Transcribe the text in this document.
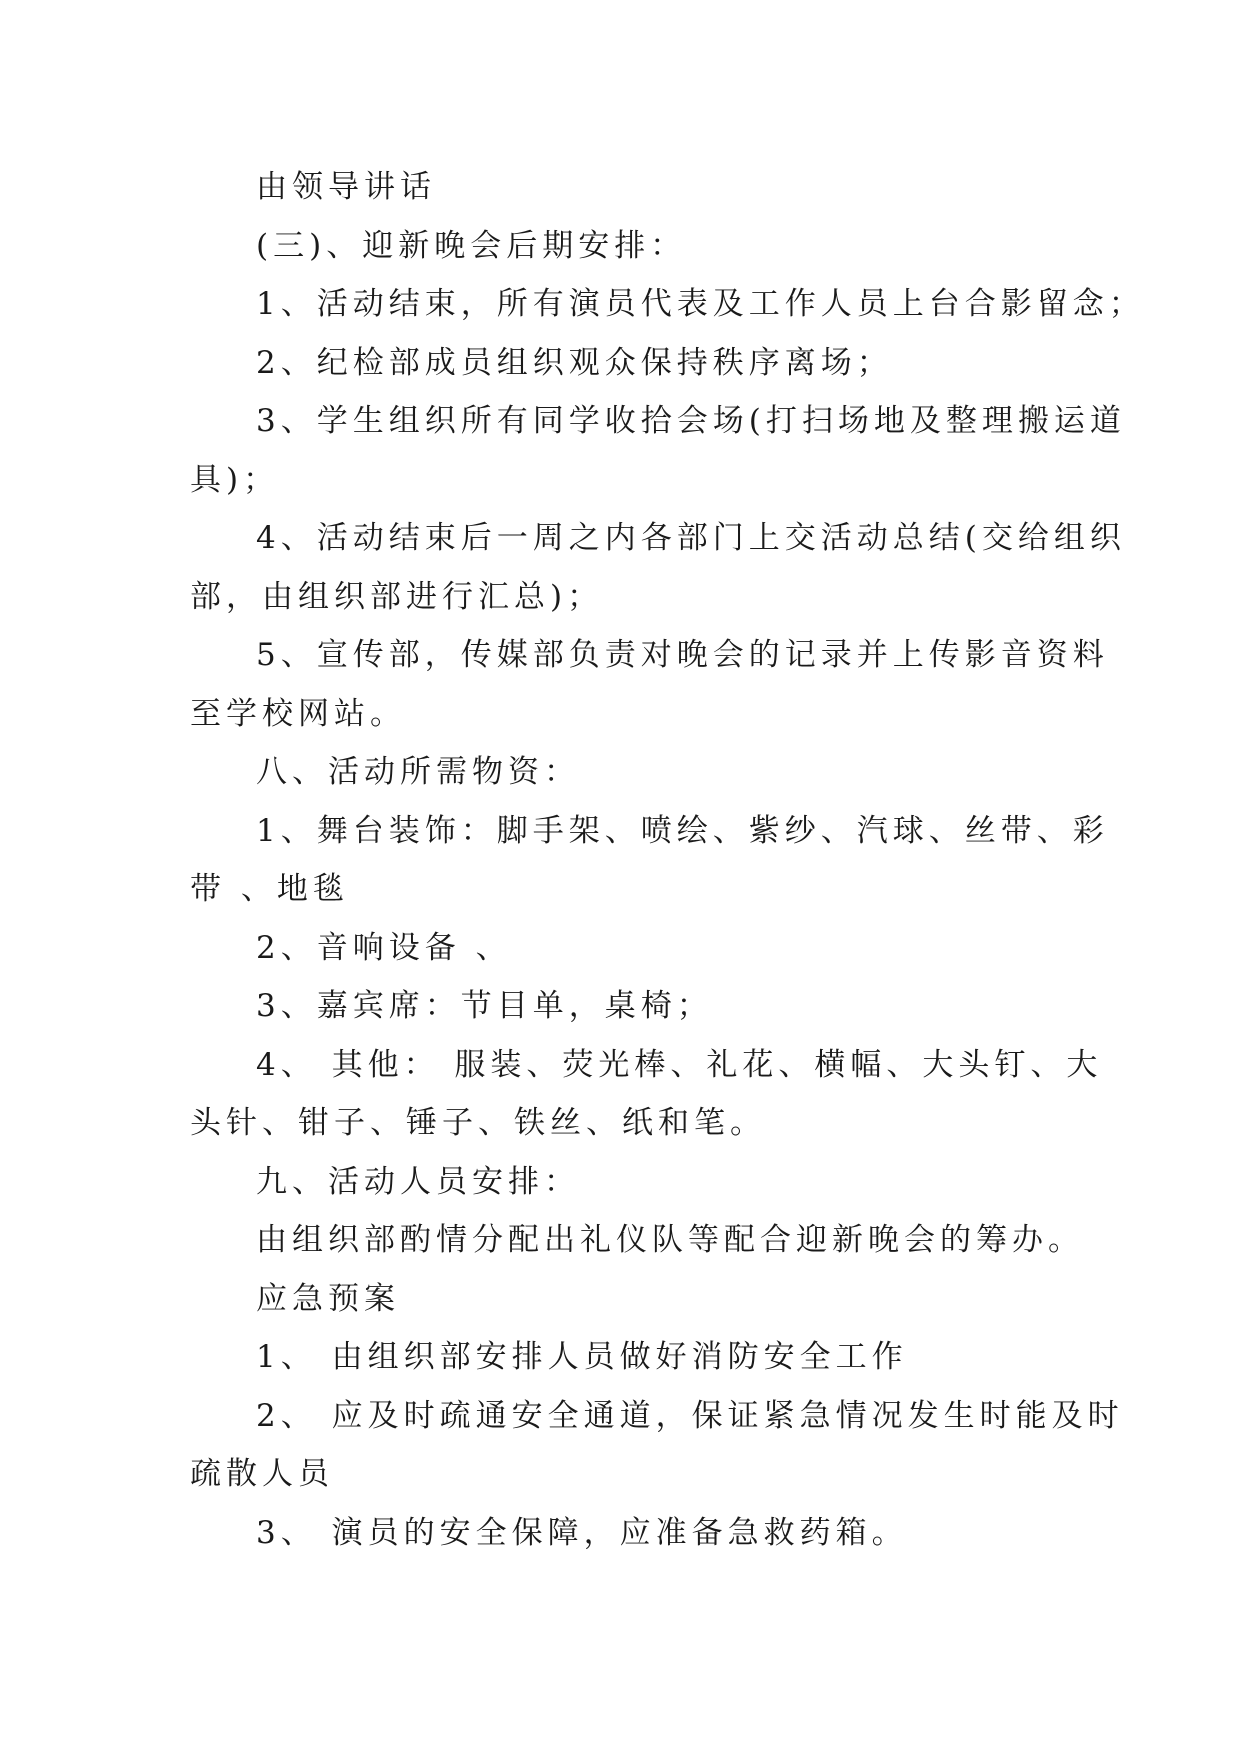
由领导讲话
(三)、迎新晚会后期安排：
1、活动结束，所有演员代表及工作人员上台合影留念；
2、纪检部成员组织观众保持秩序离场；
3、学生组织所有同学收拾会场(打扫场地及整理搬运道
具)；
4、活动结束后一周之内各部门上交活动总结(交给组织
部，由组织部进行汇总)；
5、宣传部，传媒部负责对晚会的记录并上传影音资料
至学校网站。
八、活动所需物资：
1、舞台装饰：脚手架、喷绘、紫纱、汽球、丝带、彩
带 、地毯
2、音响设备 、
3、嘉宾席：节目单，桌椅；
4、 其他： 服装、荧光棒、礼花、横幅、大头钉、大
头针、钳子、锤子、铁丝、纸和笔。
九、活动人员安排：
由组织部酌情分配出礼仪队等配合迎新晚会的筹办。
应急预案
1、 由组织部安排人员做好消防安全工作
2、 应及时疏通安全通道，保证紧急情况发生时能及时
疏散人员
3、 演员的安全保障，应准备急救药箱。
